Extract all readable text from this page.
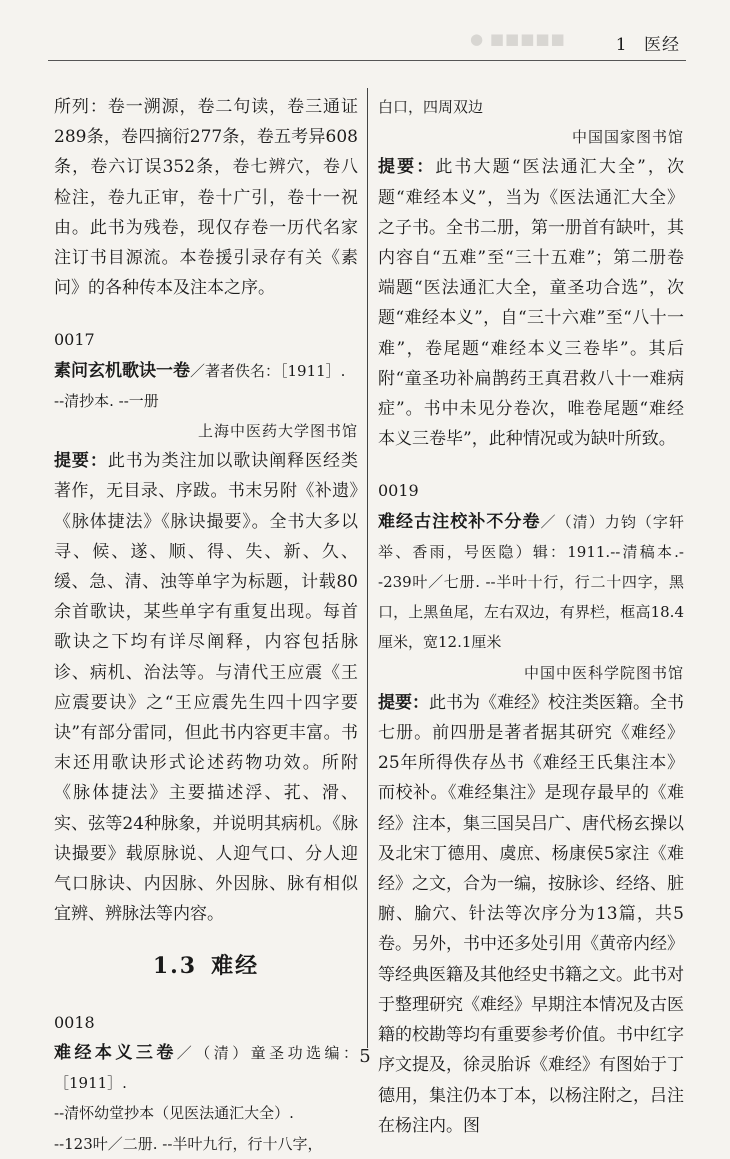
● ■■■■■	1 医经

所列：卷一溯源，卷二句读，卷三通证289条，卷四摘衍277条，卷五考异608条，卷六订误352条，卷七辨穴，卷八检注，卷九正审，卷十广引，卷十一祝由。此书为残卷，现仅存卷一历代名家注订书目源流。本卷援引录存有关《素问》的各种传本及注本之序。

0017

素问玄机歌诀一卷／著者佚名：［1911］.
--清抄本. --一册

上海中医药大学图书馆

提要：此书为类注加以歌诀阐释医经类著作，无目录、序跋。书末另附《补遗》《脉体捷法》《脉诀撮要》。全书大多以寻、候、遂、顺、得、失、新、久、缓、急、清、浊等单字为标题，计载80余首歌诀，某些单字有重复出现。每首歌诀之下均有详尽阐释，内容包括脉诊、病机、治法等。与清代王应震《王应震要诀》之“王应震先生四十四字要诀”有部分雷同，但此书内容更丰富。书末还用歌诀形式论述药物功效。所附《脉体捷法》主要描述浮、芤、滑、实、弦等24种脉象，并说明其病机。《脉诀撮要》载原脉说、人迎气口、分人迎气口脉诀、内因脉、外因脉、脉有相似宜辨、辨脉法等内容。

1.3 难经
0018

难经本义三卷／（清）童圣功选编：［1911］.
--清怀幼堂抄本（见医法通汇大全）.
--123叶／二册. --半叶九行，行十八字，

白口，四周双边
中国国家图书馆

提要：此书大题“医法通汇大全”，次题“难经本义”，当为《医法通汇大全》之子书。全书二册，第一册首有缺叶，其内容自“五难”至“三十五难”；第二册卷端题“医法通汇大全，童圣功合选”，次题“难经本义”，自“三十六难”至“八十一难”，卷尾题“难经本义三卷毕”。其后附“童圣功补扁鹊药王真君救八十一难病症”。书中未见分卷次，唯卷尾题“难经本义三卷毕”，此种情况或为缺叶所致。

0019

难经古注校补不分卷／（清）力钧（字轩举、香雨，号医隐）辑：1911.--清稿本.--239叶／七册. --半叶十行，行二十四字，黑口，上黑鱼尾，左右双边，有界栏，框高18.4厘米，宽12.1厘米

中国中医科学院图书馆

提要：此书为《难经》校注类医籍。全书七册。前四册是著者据其研究《难经》25年所得佚存丛书《难经王氏集注本》而校补。《难经集注》是现存最早的《难经》注本，集三国吴吕广、唐代杨玄操以及北宋丁德用、虞庶、杨康侯5家注《难经》之文，合为一编，按脉诊、经络、脏腑、腧穴、针法等次序分为13篇，共5卷。另外，书中还多处引用《黄帝内经》等经典医籍及其他经史书籍之文。此书对于整理研究《难经》早期注本情况及古医籍的校勘等均有重要参考价值。书中红字序文提及，徐灵胎诉《难经》有图始于丁德用，集注仍本丁本，以杨注附之，吕注在杨注内。图

5
